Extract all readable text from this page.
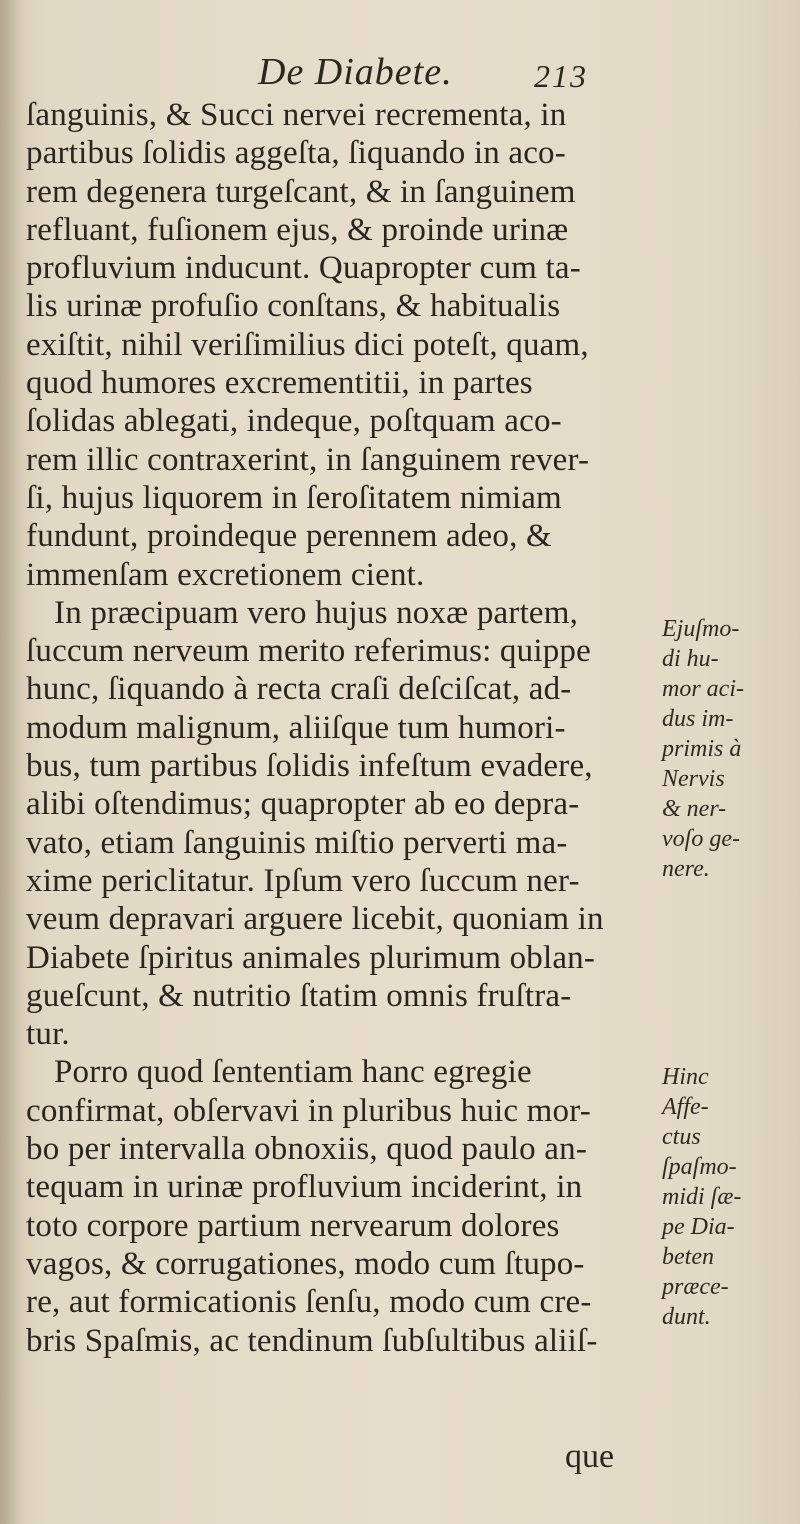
De Diabete.	213
ſanguinis, & Succi nervei recrementa, in
partibus ſolidis aggeſta, ſiquando in aco-
rem degenera turgeſcant, & in ſanguinem
refluant, fuſionem ejus, & proinde urinæ
profluvium inducunt. Quapropter cum ta-
lis urinæ profuſio conſtans, & habitualis
exiſtit, nihil veriſimilius dici poteſt, quam,
quod humores excrementitii, in partes
ſolidas ablegati, indeque, poſtquam aco-
rem illic contraxerint, in ſanguinem rever-
ſi, hujus liquorem in ſeroſitatem nimiam
fundunt, proindeque perennem adeo, &
immenſam excretionem cient.
In præcipuam vero hujus noxæ partem,
ſuccum nerveum merito referimus: quippe
hunc, ſiquando à recta craſi deſciſcat, ad-
modum malignum, aliiſque tum humori-
bus, tum partibus ſolidis infeſtum evadere,
alibi oſtendimus; quapropter ab eo depra-
vato, etiam ſanguinis miſtio perverti ma-
xime periclitatur. Ipſum vero ſuccum ner-
veum depravari arguere licebit, quoniam in
Diabete ſpiritus animales plurimum oblan-
gueſcunt, & nutritio ſtatim omnis fruſtra-
tur.
Porro quod ſententiam hanc egregie
confirmat, obſervavi in pluribus huic mor-
bo per intervalla obnoxiis, quod paulo an-
tequam in urinæ profluvium inciderint, in
toto corpore partium nervearum dolores
vagos, & corrugationes, modo cum ſtupo-
re, aut formicationis ſenſu, modo cum cre-
bris Spaſmis, ac tendinum ſubſultibus aliiſ-
Ejuſmo-
di hu-
mor aci-
dus im-
primis à
Nervis
& ner-
voſo ge-
nere.
Hinc
Affe-
ctus
ſpaſmo-
midi ſæ-
pe Dia-
beten
præce-
dunt.
que
